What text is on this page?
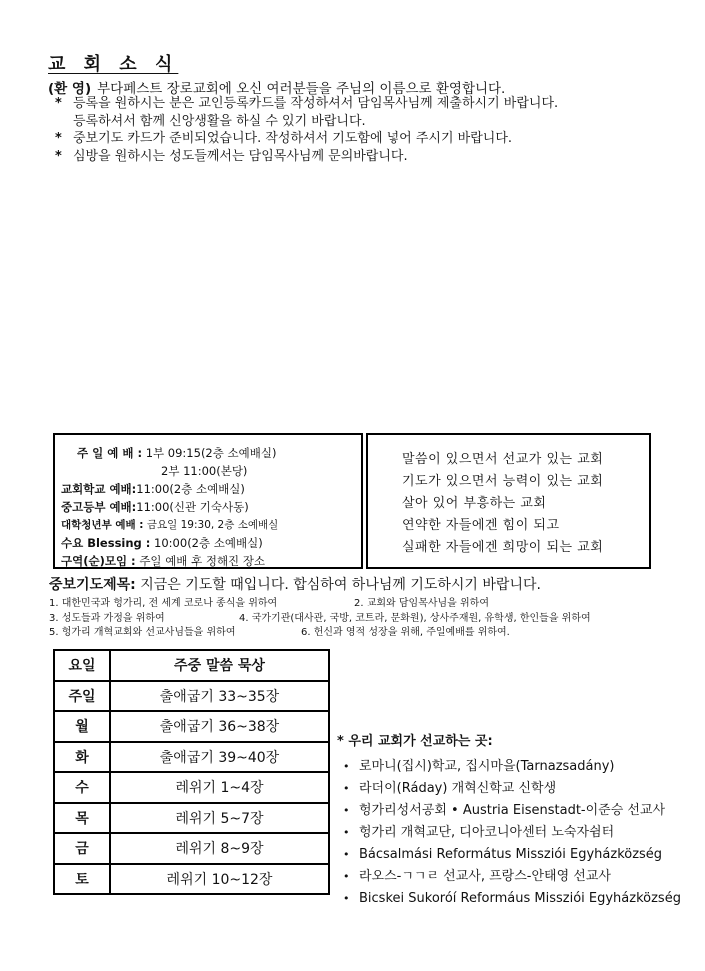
교 회 소 식
(환 영) 부다페스트 장로교회에 오신 여러분들을 주님의 이름으로 환영합니다.
* 등록을 원하시는 분은 교인등록카드를 작성하셔서 담임목사님께 제출하시기 바랍니다.
등록하셔서 함께 신앙생활을 하실 수 있기 바랍니다.
* 중보기도 카드가 준비되었습니다. 작성하셔서 기도함에 넣어 주시기 바랍니다.
* 심방을 원하시는 성도들께서는 담임목사님께 문의바랍니다.
주 일 예 배 : 1부 09:15(2층 소예배실)
2부 11:00(본당)
교회학교 예배:11:00(2층 소예배실)
중고등부 예배:11:00(신관 기숙사동)
대학청년부 예배 : 금요일 19:30, 2층 소예배실
수요 Blessing : 10:00(2층 소예배실)
구역(순)모임 : 주일 예배 후 정해진 장소
말씀이 있으면서 선교가 있는 교회
기도가 있으면서 능력이 있는 교회
살아 있어 부흥하는 교회
연약한 자들에겐 힘이 되고
실패한 자들에겐 희망이 되는 교회
중보기도제목: 지금은 기도할 때입니다. 합심하여 하나님께 기도하시기 바랍니다.
1. 대한민국과 헝가리, 전 세계 코로나 종식을 위하여	2. 교회와 담임목사님을 위하여
3. 성도들과 가정을 위하여	4. 국가기관(대사관, 국방, 코트라, 문화원), 상사주재원, 유학생, 한인들을 위하여
5. 헝가리 개혁교회와 선교사님들을 위하여	6. 헌신과 영적 성장을 위해, 주일예배를 위하여.
요일	주중 말씀 묵상
주일	출애굽기 33~35장
월	출애굽기 36~38장
화	출애굽기 39~40장
수	레위기 1~4장
목	레위기 5~7장
금	레위기 8~9장
토	레위기 10~12장
* 우리 교회가 선교하는 곳:
• 로마니(집시)학교, 집시마을(Tarnazsadány)
• 라더이(Ráday) 개혁신학교 신학생
• 헝가리성서공회 • Austria Eisenstadt-이준승 선교사
• 헝가리 개혁교단, 디아코니아센터 노숙자쉼터
• Bácsalmási Református Missziói Egyházközség
• 라오스-ㄱㄱㄹ 선교사, 프랑스-안태영 선교사
• Bicskei Sukoróí Reformáus Missziói Egyházközség
